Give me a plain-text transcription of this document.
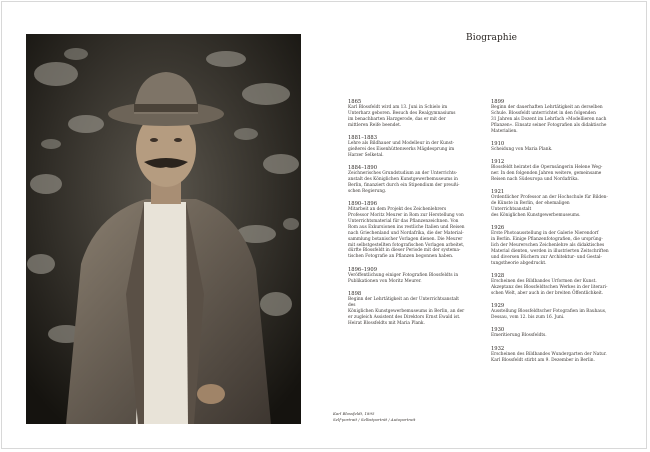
Karl Blossfeldt, 1895
Self-portrait / Selbstporträt / Autoportrait
Biographie
1865
Karl Blossfeldt wird am 13. Juni in Schielo im
Unterharz geboren. Besuch des Realgymnasiums
im benachbarten Harzgerode, das er mit der
mittleren Reife beendet.
1881–1883
Lehre als Bildhauer und Modelleur in der Kunst-
gießerei des Eisenhüttenwerks Mägdesprung im
Harzer Selketal.
1884–1890
Zeichnerisches Grundstudium an der Unterrichts-
anstalt des Königlichen Kunstgewerbemuseums in
Berlin, finanziert durch ein Stipendium der preußi-
schen Regierung.
1890–1896
Mitarbeit an dem Projekt des Zeichenlehrers
Professor Moritz Meurer in Rom zur Herstellung von
Unterrichtsmaterial für das Pflanzenzeichnen. Von
Rom aus Exkursionen ins restliche Italien und Reisen
nach Griechenland und Nordafrika, die der Material-
sammlung botanischer Vorlagen dienen. Die Meurer
mit selbstgestellten fotografischen Vorlagen arbeitet,
dürfte Blossfeldt in dieser Periode mit der systema-
tischen Fotografie an Pflanzen begonnen haben.
1896–1909
Veröffentlichung einiger Fotografien Blossfeldts in
Publikationen von Moritz Meurer.
1898
Beginn der Lehrtätigkeit an der Unterrichtsanstalt des
Königlichen Kunstgewerbemuseums in Berlin, an der
er zugleich Assistent des Direktors Ernst Ewald ist.
Heirat Blossfeldts mit Maria Plank.
1899
Beginn der dauerhaften Lehrtätigkeit an derselben
Schule. Blossfeldt unterrichtet in den folgenden
31 Jahren als Dozent im Lehrfach »Modellieren nach
Pflanzen«. Einsatz seiner Fotografien als didaktische
Materialien.
1910
Scheidung von Maria Plank.
1912
Blossfeldt heiratet die Opernsängerin Helene Weg-
ner. In den folgenden Jahren weitere, gemeinsame
Reisen nach Südeuropa und Nordafrika.
1921
Ordentlicher Professor an der Hochschule für Bilden-
de Künste in Berlin, der ehemaligen Unterrichtsanstalt
des Königlichen Kunstgewerbemuseums.
1926
Erste Photoausstellung in der Galerie Nierendorf
in Berlin. Einige Pflanzenfotografien, die ursprüng-
lich der Meurerschen Zeichenlehre als didaktisches
Material dienten, werden in illustrierten Zeitschriften
und diversen Büchern zur Architektur- und Gestal-
tungstheorie abgedruckt.
1928
Erscheinen des Bildbandes Urformen der Kunst.
Akzeptanz des Blossfeldtschen Werkes in der literari-
schen Welt, aber auch in der breiten Öffentlichkeit.
1929
Ausstellung Blossfeldtscher Fotografien im Bauhaus,
Dessau, vom 12. bis zum 16. Juni.
1930
Emeritierung Blossfeldts.
1932
Erscheinen des Bildbandes Wundergarten der Natur.
Karl Blossfeldt stirbt am 9. Dezember in Berlin.
